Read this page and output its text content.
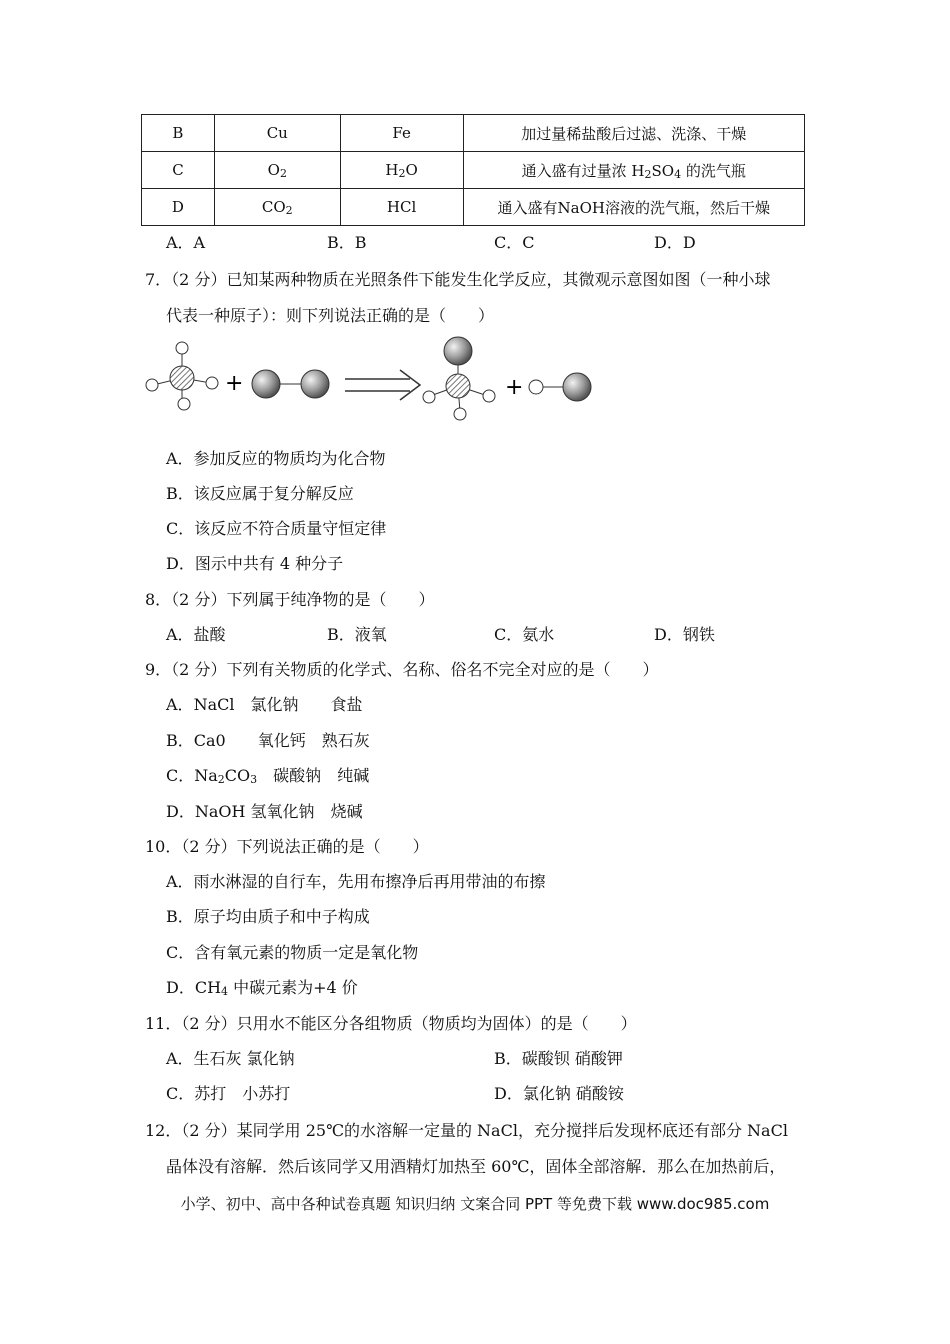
B	Cu	Fe	加过量稀盐酸后过滤、洗涤、干燥
C	$O_2$	$H_2O$	通入盛有过量浓 $H_2SO_4$ 的洗气瓶
D	$CO_2$	HCl	通入盛有NaOH溶液的洗气瓶，然后干燥
A．A	B．B	C．C	D．D
7．（2 分）已知某两种物质在光照条件下能发生化学反应，其微观示意图如图（一种小球
代表一种原子）：则下列说法正确的是（　　）
+	+
A．参加反应的物质均为化合物
B．该反应属于复分解反应
C．该反应不符合质量守恒定律
D．图示中共有 4 种分子
8．（2 分）下列属于纯净物的是（　　）
A．盐酸	B．液氧	C．氨水	D．钢铁
9．（2 分）下列有关物质的化学式、名称、俗名不完全对应的是（　　）
A．NaCl　 氯化钠　　 食盐
B．Ca0　　 氧化钙　 熟石灰
C．$Na_2CO_3$　 碳酸钠　 纯碱
D．NaOH 氢氧化钠　 烧碱
10．（2 分）下列说法正确的是（　　）
A．雨水淋湿的自行车，先用布擦净后再用带油的布擦
B．原子均由质子和中子构成
C．含有氧元素的物质一定是氧化物
D．$CH_4$ 中碳元素为+4 价
11．（2 分）只用水不能区分各组物质（物质均为固体）的是（　　）
A．生石灰 氯化钠	B．碳酸钡 硝酸钾
C．苏打　小苏打	D．氯化钠 硝酸铵
12．（2 分）某同学用 25℃的水溶解一定量的 NaCl，充分搅拌后发现杯底还有部分 NaCl
晶体没有溶解．然后该同学又用酒精灯加热至 60℃，固体全部溶解．那么在加热前后，
小学、初中、高中各种试卷真题 知识归纳 文案合同 PPT 等免费下载 www.doc985.com
